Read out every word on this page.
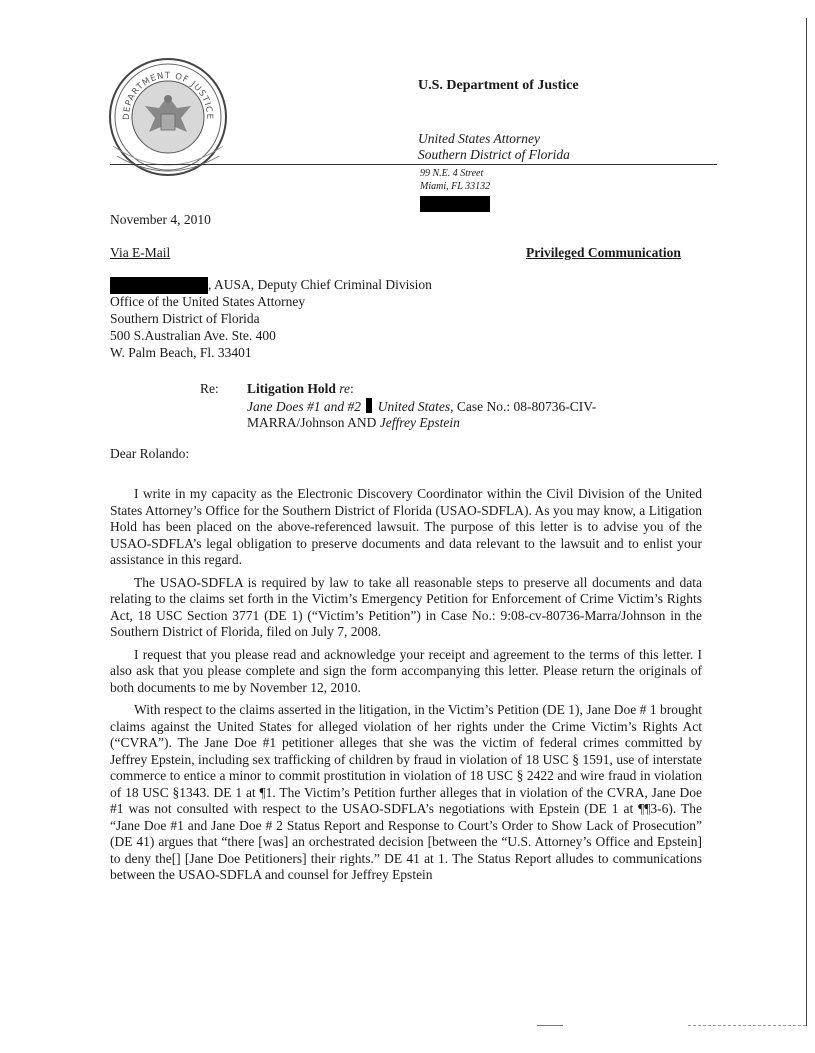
DEPARTMENT OF JUSTICE
U.S. Department of Justice
United States Attorney
Southern District of Florida
99 N.E. 4 Street
Miami, FL 33132
November 4, 2010
Via E-Mail	Privileged Communication
, AUSA, Deputy Chief Criminal Division
Office of the United States Attorney
Southern District of Florida
500 S.Australian Ave. Ste. 400
W. Palm Beach, Fl. 33401
Re: Litigation Hold re:
Jane Does #1 and #2 United States, Case No.: 08-80736-CIV-
MARRA/Johnson AND Jeffrey Epstein
Dear Rolando:

I write in my capacity as the Electronic Discovery Coordinator within the Civil Division of the United States Attorney’s Office for the Southern District of Florida (USAO-SDFLA). As you may know, a Litigation Hold has been placed on the above-referenced lawsuit. The purpose of this letter is to advise you of the USAO-SDFLA’s legal obligation to preserve documents and data relevant to the lawsuit and to enlist your assistance in this regard.

The USAO-SDFLA is required by law to take all reasonable steps to preserve all documents and data relating to the claims set forth in the Victim’s Emergency Petition for Enforcement of Crime Victim’s Rights Act, 18 USC Section 3771 (DE 1) (“Victim’s Petition”) in Case No.: 9:08-cv-80736-Marra/Johnson in the Southern District of Florida, filed on July 7, 2008.

I request that you please read and acknowledge your receipt and agreement to the terms of this letter. I also ask that you please complete and sign the form accompanying this letter. Please return the originals of both documents to me by November 12, 2010.

With respect to the claims asserted in the litigation, in the Victim’s Petition (DE 1), Jane Doe # 1 brought claims against the United States for alleged violation of her rights under the Crime Victim’s Rights Act (“CVRA”). The Jane Doe #1 petitioner alleges that she was the victim of federal crimes committed by Jeffrey Epstein, including sex trafficking of children by fraud in violation of 18 USC § 1591, use of interstate commerce to entice a minor to commit prostitution in violation of 18 USC § 2422 and wire fraud in violation of 18 USC §1343. DE 1 at ¶1. The Victim’s Petition further alleges that in violation of the CVRA, Jane Doe #1 was not consulted with respect to the USAO-SDFLA’s negotiations with Epstein (DE 1 at ¶¶3-6). The “Jane Doe #1 and Jane Doe # 2 Status Report and Response to Court’s Order to Show Lack of Prosecution” (DE 41) argues that “there [was] an orchestrated decision [between the “U.S. Attorney’s Office and Epstein] to deny the[] [Jane Doe Petitioners] their rights.” DE 41 at 1. The Status Report alludes to communications between the USAO-SDFLA and counsel for Jeffrey Epstein
